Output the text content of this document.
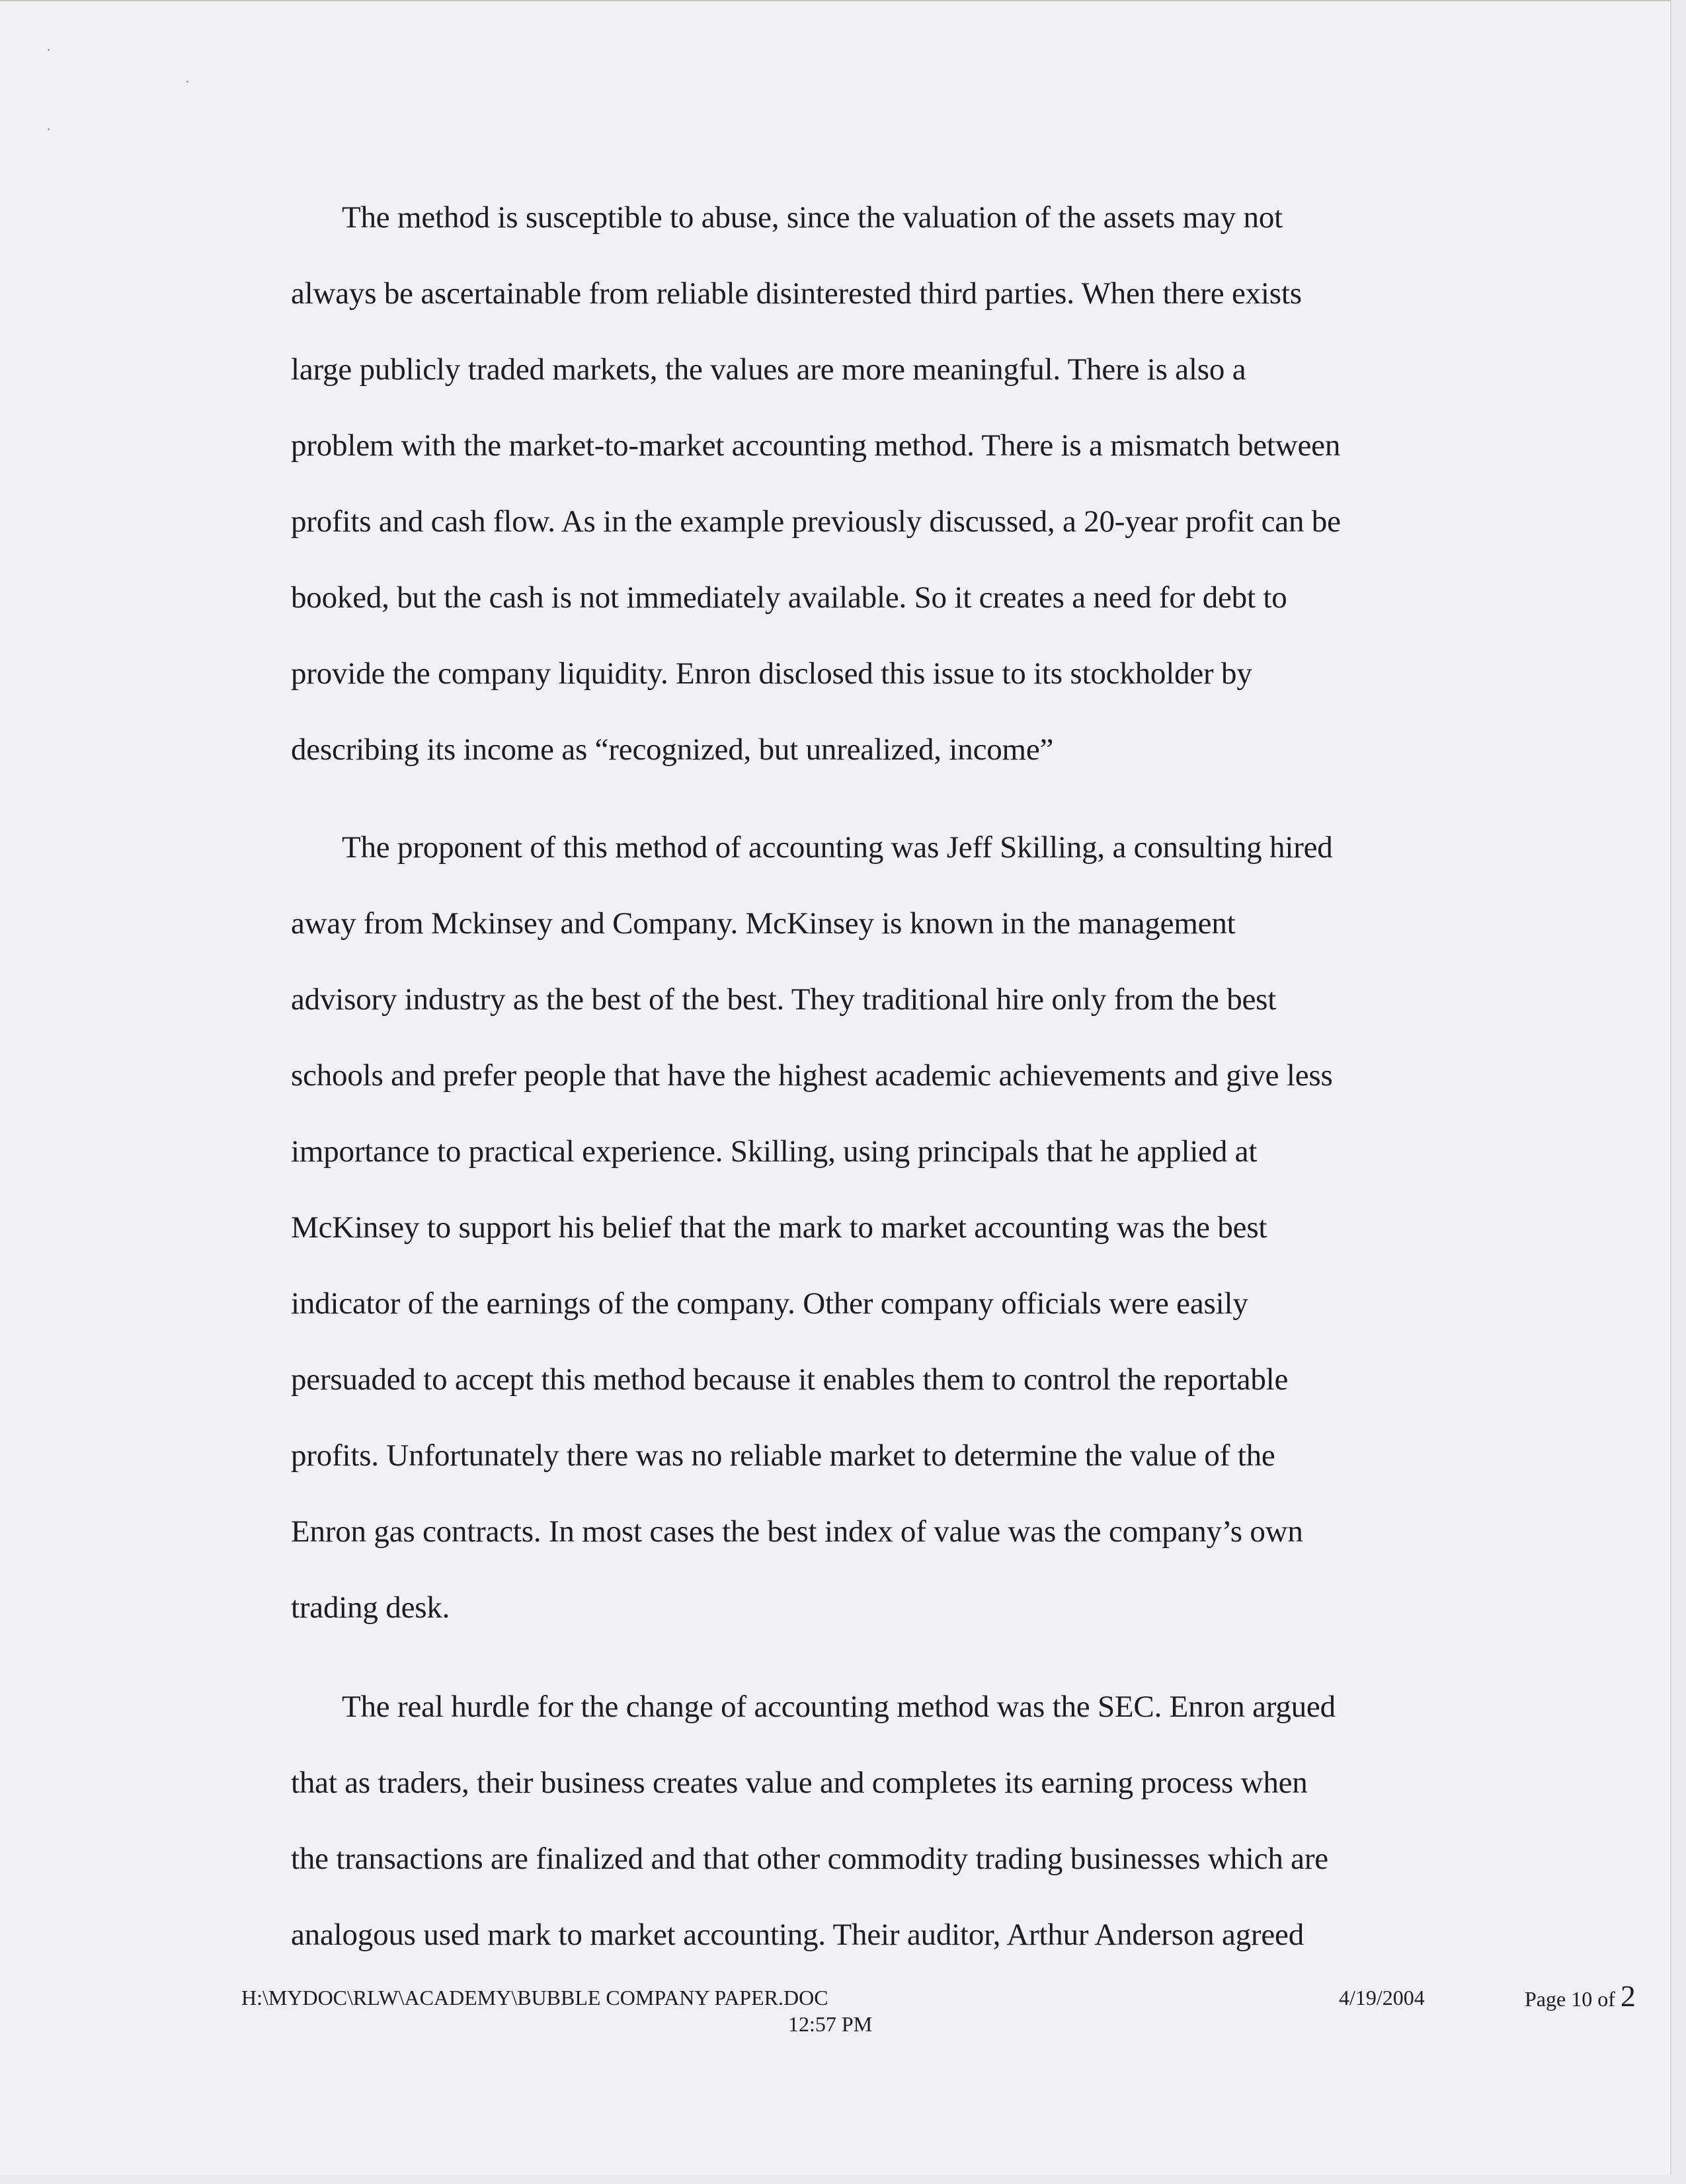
The method is susceptible to abuse, since the valuation of the assets may not
always be ascertainable from reliable disinterested third parties. When there exists
large publicly traded markets, the values are more meaningful. There is also a
problem with the market-to-market accounting method. There is a mismatch between
profits and cash flow. As in the example previously discussed, a 20-year profit can be
booked, but the cash is not immediately available. So it creates a need for debt to
provide the company liquidity. Enron disclosed this issue to its stockholder by
describing its income as “recognized, but unrealized, income”
The proponent of this method of accounting was Jeff Skilling, a consulting hired
away from Mckinsey and Company. McKinsey is known in the management
advisory industry as the best of the best. They traditional hire only from the best
schools and prefer people that have the highest academic achievements and give less
importance to practical experience. Skilling, using principals that he applied at
McKinsey to support his belief that the mark to market accounting was the best
indicator of the earnings of the company. Other company officials were easily
persuaded to accept this method because it enables them to control the reportable
profits. Unfortunately there was no reliable market to determine the value of the
Enron gas contracts. In most cases the best index of value was the company’s own
trading desk.
The real hurdle for the change of accounting method was the SEC. Enron argued
that as traders, their business creates value and completes its earning process when
the transactions are finalized and that other commodity trading businesses which are
analogous used mark to market accounting. Their auditor, Arthur Anderson agreed
H:\MYDOC\RLW\ACADEMY\BUBBLE COMPANY PAPER.DOC
12:57 PM
4/19/2004	Page 10 of 2
